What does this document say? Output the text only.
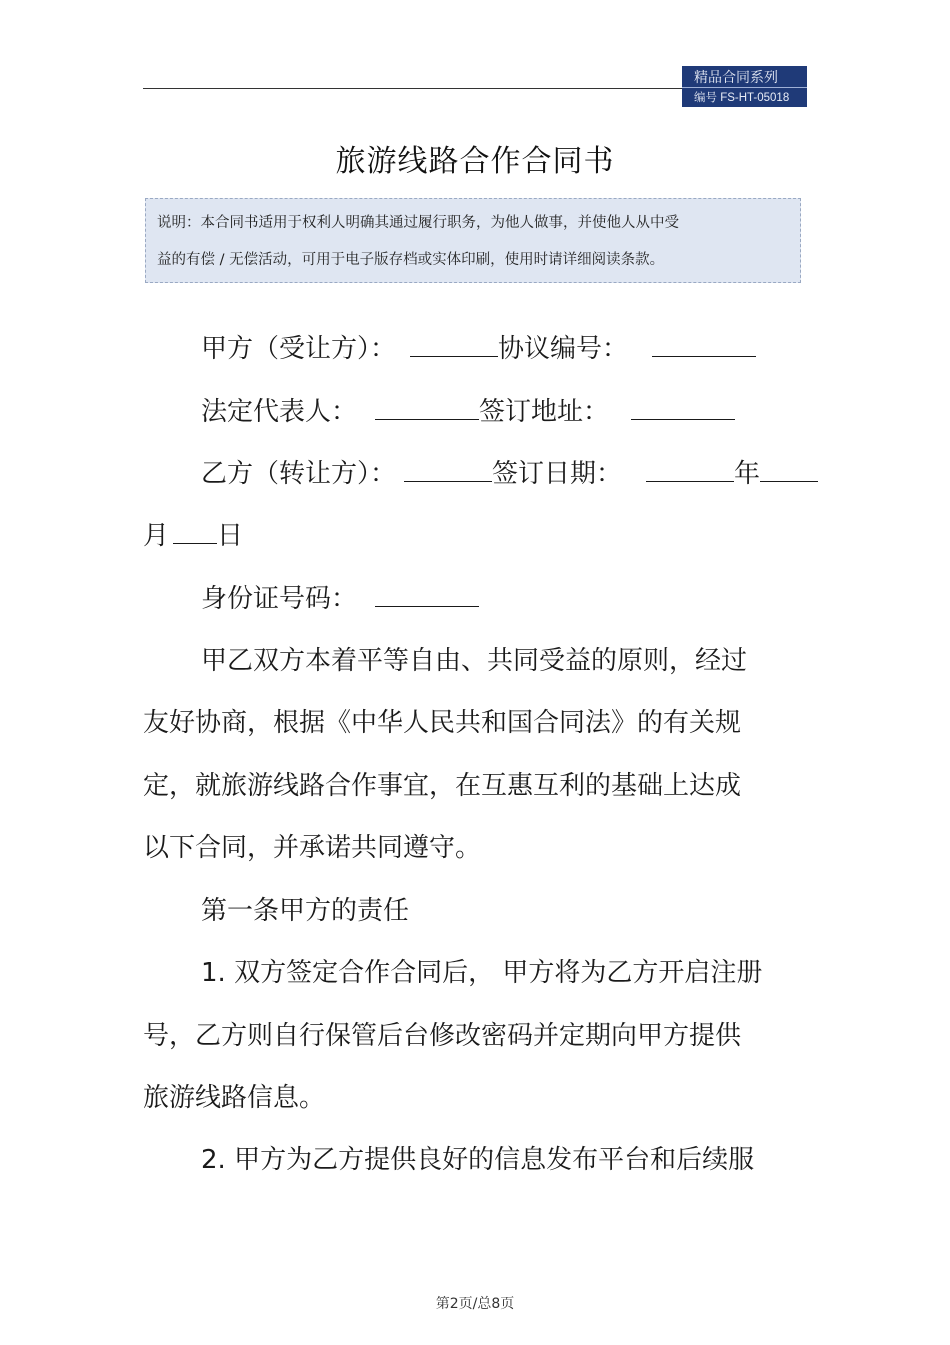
精品合同系列
编号 FS-HT-05018
旅游线路合作合同书
说明：本合同书适用于权利人明确其通过履行职务，为他人做事，并使他人从中受
益的有偿 / 无偿活动，可用于电子版存档或实体印刷，使用时请详细阅读条款。
甲方（受让方）：	协议编号：
法定代表人：	签订地址：
乙方（转让方）：	签订日期：	年
月 日
身份证号码：
甲乙双方本着平等自由、共同受益的原则，经过
友好协商，根据《中华人民共和国合同法》的有关规
定，就旅游线路合作事宜，在互惠互利的基础上达成
以下合同，并承诺共同遵守。
第一条甲方的责任
1. 双方签定合作合同后， 甲方将为乙方开启注册
号，乙方则自行保管后台修改密码并定期向甲方提供
旅游线路信息。
2. 甲方为乙方提供良好的信息发布平台和后续服
第2页/总8页
